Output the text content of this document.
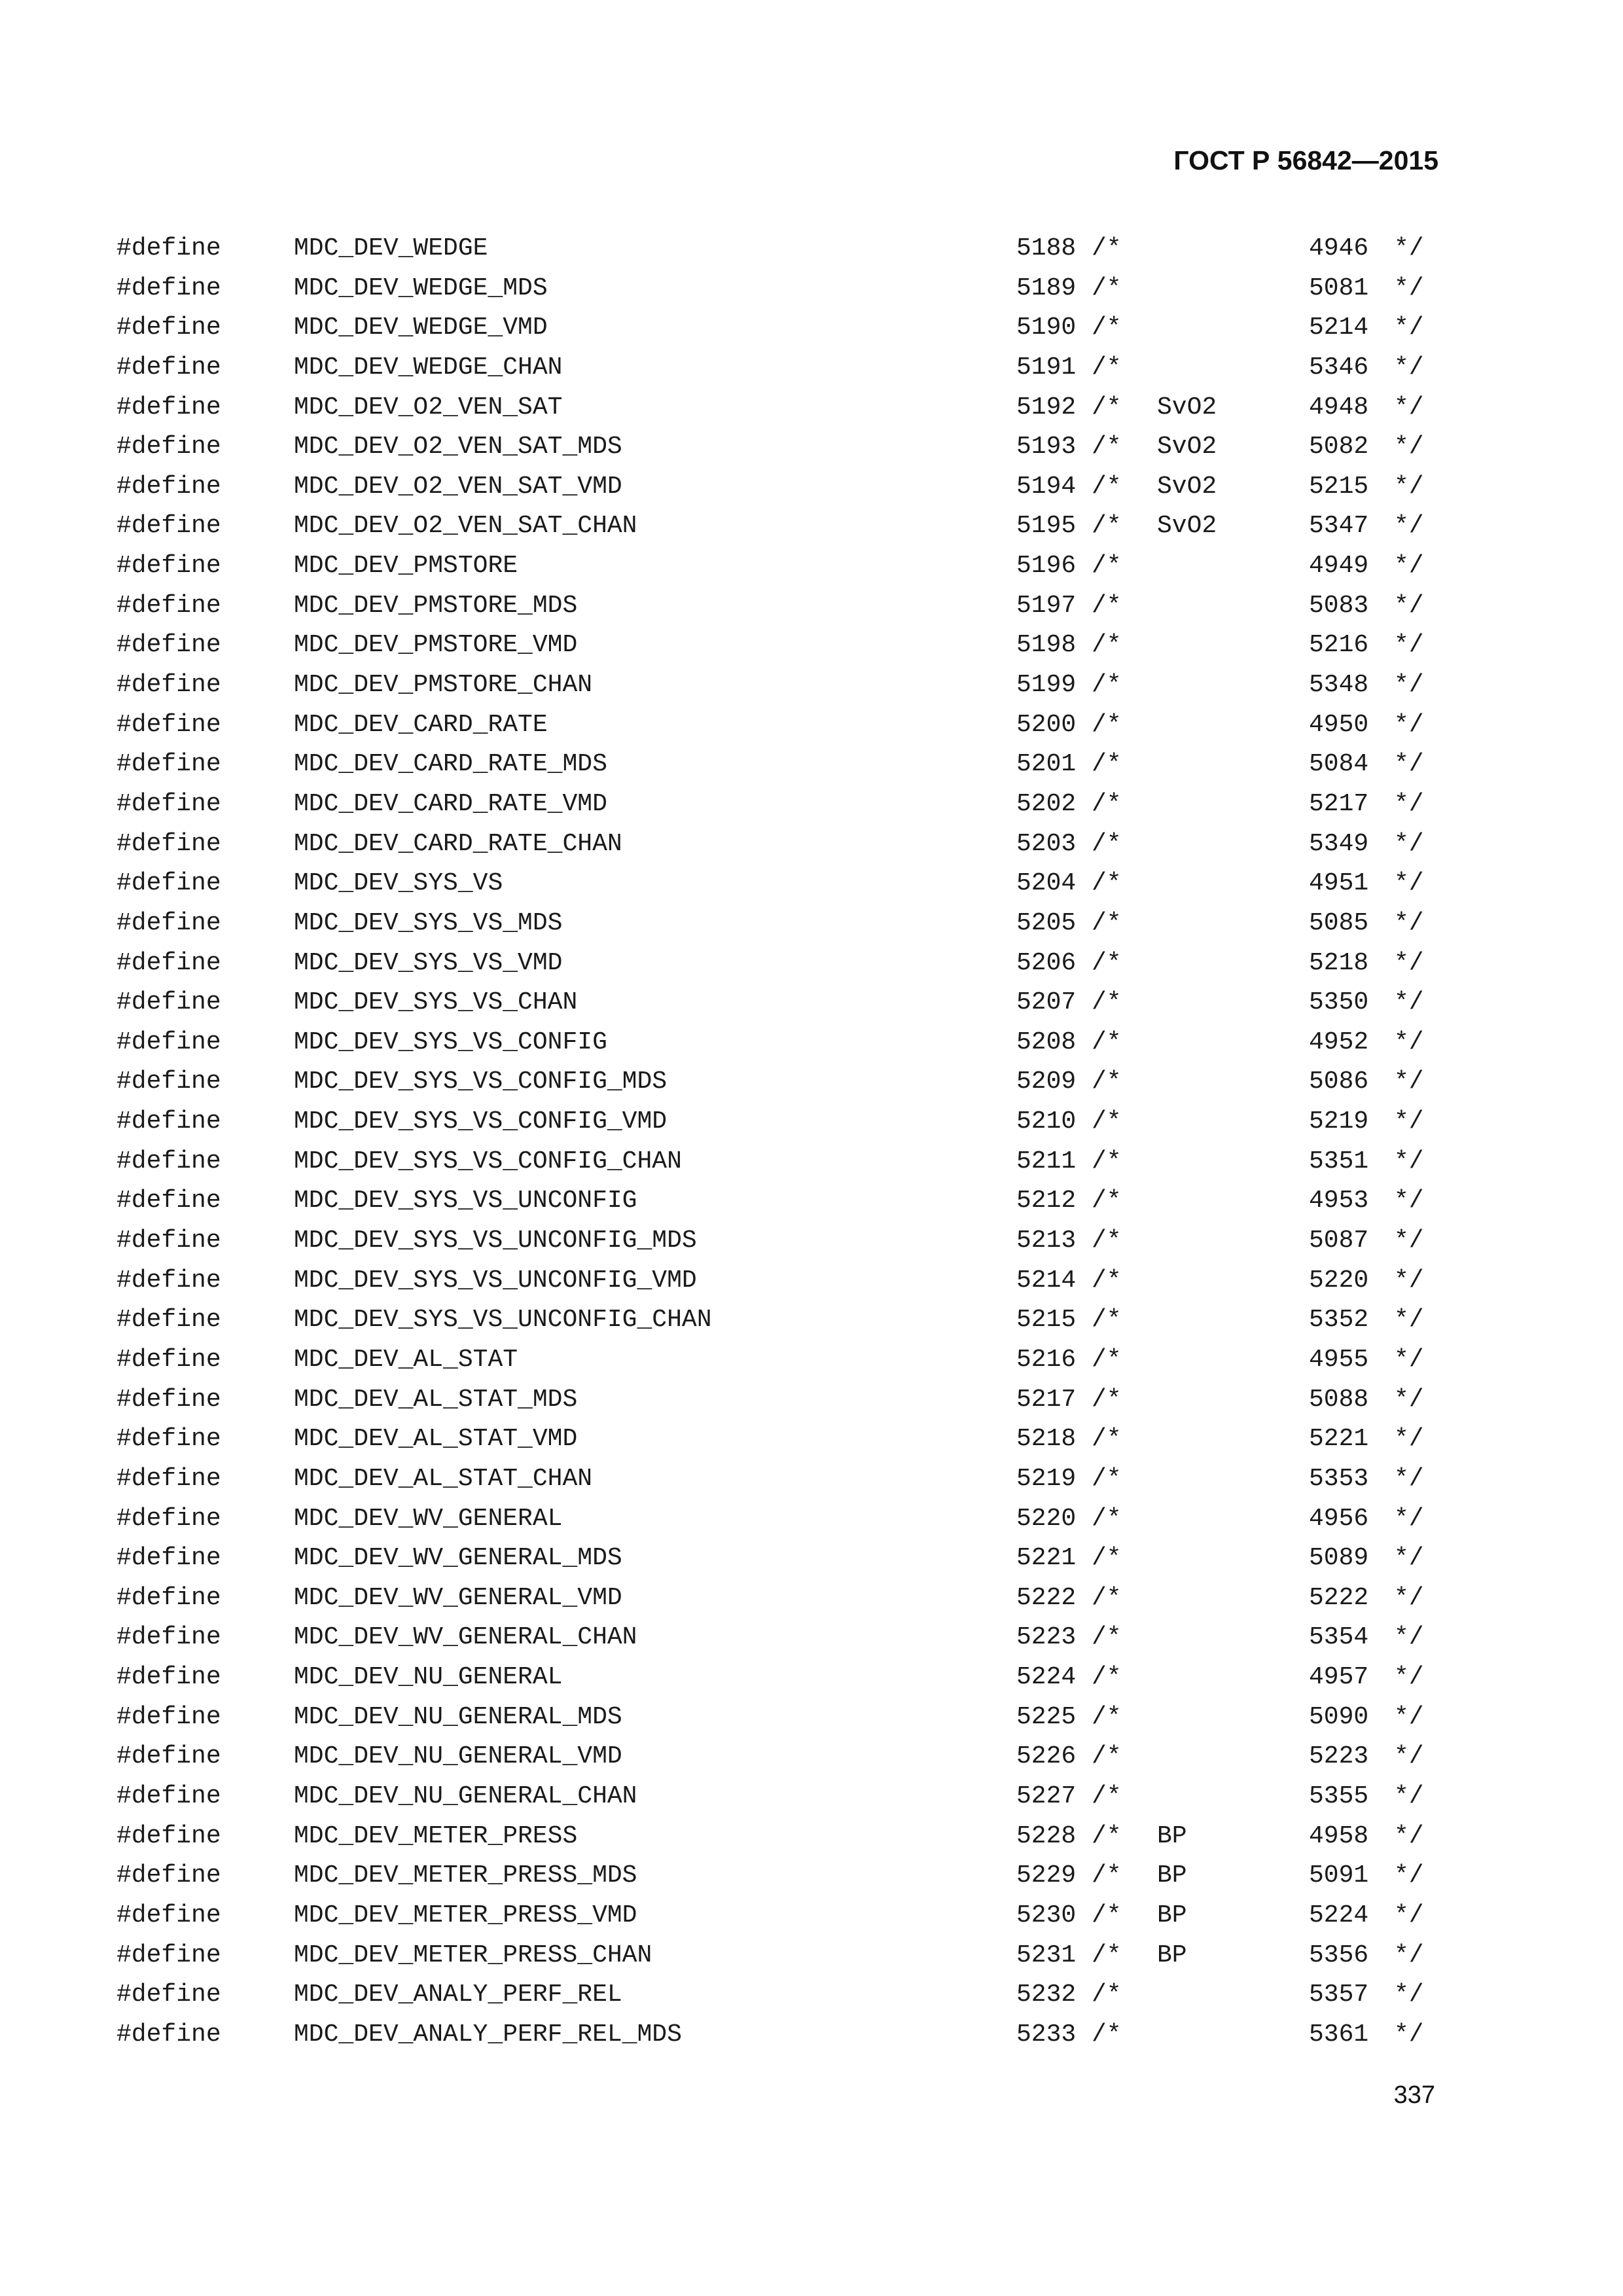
ГОСТ Р 56842—2015
#define	MDC_DEV_WEDGE	5188 /*	4946 */
#define	MDC_DEV_WEDGE_MDS	5189 /*	5081 */
#define	MDC_DEV_WEDGE_VMD	5190 /*	5214 */
#define	MDC_DEV_WEDGE_CHAN	5191 /*	5346 */
#define	MDC_DEV_O2_VEN_SAT	5192 /* SvO2	4948 */
#define	MDC_DEV_O2_VEN_SAT_MDS	5193 /* SvO2	5082 */
#define	MDC_DEV_O2_VEN_SAT_VMD	5194 /* SvO2	5215 */
#define	MDC_DEV_O2_VEN_SAT_CHAN	5195 /* SvO2	5347 */
#define	MDC_DEV_PMSTORE	5196 /*	4949 */
#define	MDC_DEV_PMSTORE_MDS	5197 /*	5083 */
#define	MDC_DEV_PMSTORE_VMD	5198 /*	5216 */
#define	MDC_DEV_PMSTORE_CHAN	5199 /*	5348 */
#define	MDC_DEV_CARD_RATE	5200 /*	4950 */
#define	MDC_DEV_CARD_RATE_MDS	5201 /*	5084 */
#define	MDC_DEV_CARD_RATE_VMD	5202 /*	5217 */
#define	MDC_DEV_CARD_RATE_CHAN	5203 /*	5349 */
#define	MDC_DEV_SYS_VS	5204 /*	4951 */
#define	MDC_DEV_SYS_VS_MDS	5205 /*	5085 */
#define	MDC_DEV_SYS_VS_VMD	5206 /*	5218 */
#define	MDC_DEV_SYS_VS_CHAN	5207 /*	5350 */
#define	MDC_DEV_SYS_VS_CONFIG	5208 /*	4952 */
#define	MDC_DEV_SYS_VS_CONFIG_MDS	5209 /*	5086 */
#define	MDC_DEV_SYS_VS_CONFIG_VMD	5210 /*	5219 */
#define	MDC_DEV_SYS_VS_CONFIG_CHAN	5211 /*	5351 */
#define	MDC_DEV_SYS_VS_UNCONFIG	5212 /*	4953 */
#define	MDC_DEV_SYS_VS_UNCONFIG_MDS	5213 /*	5087 */
#define	MDC_DEV_SYS_VS_UNCONFIG_VMD	5214 /*	5220 */
#define	MDC_DEV_SYS_VS_UNCONFIG_CHAN	5215 /*	5352 */
#define	MDC_DEV_AL_STAT	5216 /*	4955 */
#define	MDC_DEV_AL_STAT_MDS	5217 /*	5088 */
#define	MDC_DEV_AL_STAT_VMD	5218 /*	5221 */
#define	MDC_DEV_AL_STAT_CHAN	5219 /*	5353 */
#define	MDC_DEV_WV_GENERAL	5220 /*	4956 */
#define	MDC_DEV_WV_GENERAL_MDS	5221 /*	5089 */
#define	MDC_DEV_WV_GENERAL_VMD	5222 /*	5222 */
#define	MDC_DEV_WV_GENERAL_CHAN	5223 /*	5354 */
#define	MDC_DEV_NU_GENERAL	5224 /*	4957 */
#define	MDC_DEV_NU_GENERAL_MDS	5225 /*	5090 */
#define	MDC_DEV_NU_GENERAL_VMD	5226 /*	5223 */
#define	MDC_DEV_NU_GENERAL_CHAN	5227 /*	5355 */
#define	MDC_DEV_METER_PRESS	5228 /* BP	4958 */
#define	MDC_DEV_METER_PRESS_MDS	5229 /* BP	5091 */
#define	MDC_DEV_METER_PRESS_VMD	5230 /* BP	5224 */
#define	MDC_DEV_METER_PRESS_CHAN	5231 /* BP	5356 */
#define	MDC_DEV_ANALY_PERF_REL	5232 /*	5357 */
#define	MDC_DEV_ANALY_PERF_REL_MDS	5233 /*	5361 */
337
